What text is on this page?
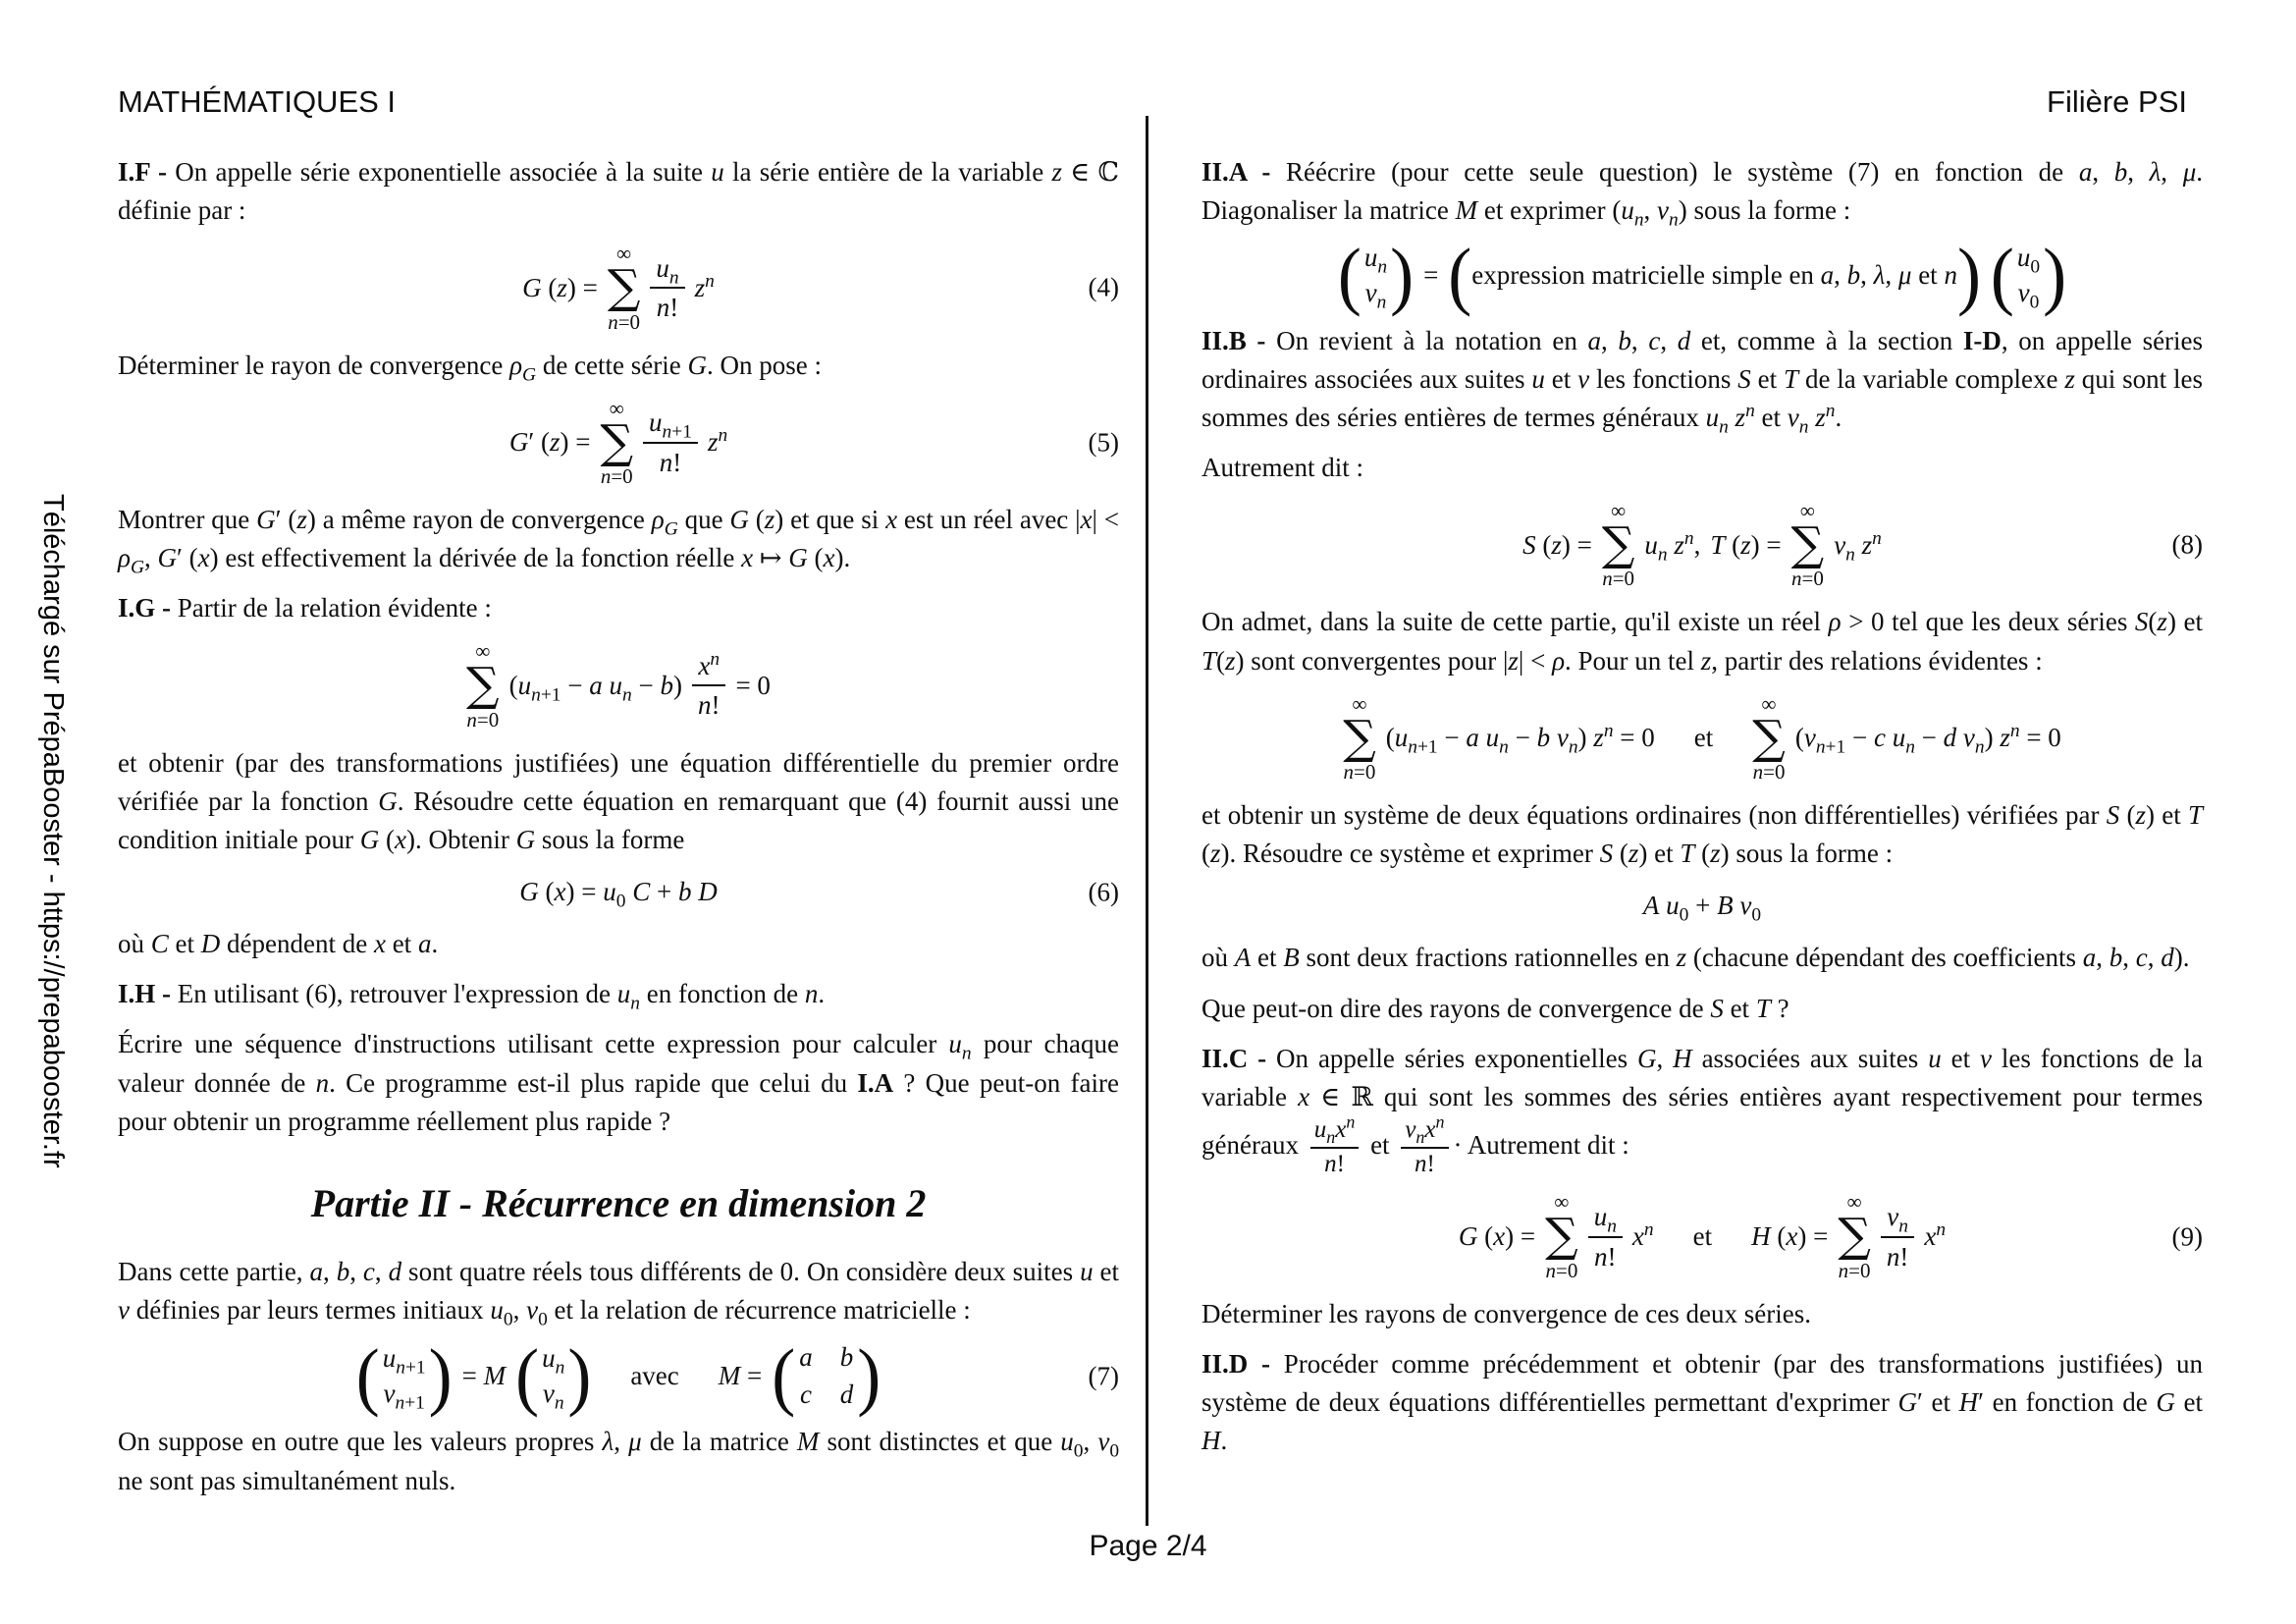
Téléchargé sur PrépaBooster - https://prepabooster.fr
MATHÉMATIQUES I	Filière PSI

I.F - On appelle série exponentielle associée à la suite u la série entière de la variable z ∈ ℂ définie par :

G (z) =
∞
∑
$n=0 \frac{u_n}{n!} z^n$	(4)

Déterminer le rayon de convergence $\rho_G$ de cette série G. On pose :

G′ (z) =
∞
∑
$n=0 \frac{u_{n+1}}{n!} z^n$	(5)

Montrer que G′ (z) a même rayon de convergence $\rho_G$ que G (z) et que si x est un réel avec $|x| < \rho_G$, G′ (x) est effectivement la dérivée de la fonction réelle x ↦ G (x).

I.G - Partir de la relation évidente :

∞
∑
n=0
($u_{n+1} - a$ $u_n - b) \frac{x^n}{n!} = 0$

et obtenir (par des transformations justifiées) une équation différentielle du premier ordre vérifiée par la fonction G. Résoudre cette équation en remarquant que (4) fournit aussi une condition initiale pour G (x). Obtenir G sous la forme

G $(x) = u_0$ C + b D	(6)

où C et D dépendent de x et a.

I.H - En utilisant (6), retrouver l'expression de $u_n$ en fonction de n.

Écrire une séquence d'instructions utilisant cette expression pour calculer $u_n$ pour chaque valeur donnée de n. Ce programme est-il plus rapide que celui du I.A ? Que peut-on faire pour obtenir un programme réellement plus rapide ?

Partie II - Récurrence en dimension 2

Dans cette partie, a, b, c, d sont quatre réels tous différents de 0. On considère deux suites u et v définies par leurs termes initiaux $u_0$, $v_0$ et la relation de récurrence matricielle :

( $u_{n+1}$
$v_{n+1}$ ) = M ( $u_n$
$v_n$ ) avec M = ( a b
c d )	(7)

On suppose en outre que les valeurs propres λ, μ de la matrice M sont distinctes et que $u_0$, $v_0$ ne sont pas simultanément nuls.

II.A - Réécrire (pour cette seule question) le système (7) en fonction de a, b, λ, μ. Diagonaliser la matrice M et exprimer ($u_n$, $v_n$) sous la forme :

( $u_n$
$v_n$ ) = ( expression matricielle simple en a, b, λ, μ et n ) ( $u_0$
$v_0$ )

II.B - On revient à la notation en a, b, c, d et, comme à la section I-D, on appelle séries ordinaires associées aux suites u et v les fonctions S et T de la variable complexe z qui sont les sommes des séries entières de termes généraux $u_n$ $z^n$ et $v_n$ $z^n$.

Autrement dit :

S (z) =
∞
∑
n=0
$u_n$ $z^n$, T (z) =
∞
∑
n=0
$v_n$ $z^n$	(8)

On admet, dans la suite de cette partie, qu'il existe un réel ρ > 0 tel que les deux séries S(z) et T(z) sont convergentes pour |z| < ρ. Pour un tel z, partir des relations évidentes :

∞
∑
n=0
($u_{n+1} - a$ $u_n - b$ $v_n$) $z^n = 0$ et
∞
∑
n=0
($v_{n+1} - c$ $u_n - d$ $v_n$) $z^n = 0$

et obtenir un système de deux équations ordinaires (non différentielles) vérifiées par S (z) et T (z). Résoudre ce système et exprimer S (z) et T (z) sous la forme :

A $u_0 + B$ $v_0$

où A et B sont deux fractions rationnelles en z (chacune dépendant des coefficients a, b, c, d).

Que peut-on dire des rayons de convergence de S et T ?

II.C - On appelle séries exponentielles G, H associées aux suites u et v les fonctions de la variable x ∈ ℝ qui sont les sommes des séries entières ayant respectivement pour termes généraux
$u_nx^n$
n!
et
$v_nx^n$
n!
· Autrement dit :

G (x) =
∞
∑
$n=0 \frac{u_n}{n!} x^n$ et H (x) =
∞
∑
$n=0 \frac{v_n}{n!} x^n$	(9)

Déterminer les rayons de convergence de ces deux séries.

II.D - Procéder comme précédemment et obtenir (par des transformations justifiées) un système de deux équations différentielles permettant d'exprimer G′ et H′ en fonction de G et H.

Page 2/4
